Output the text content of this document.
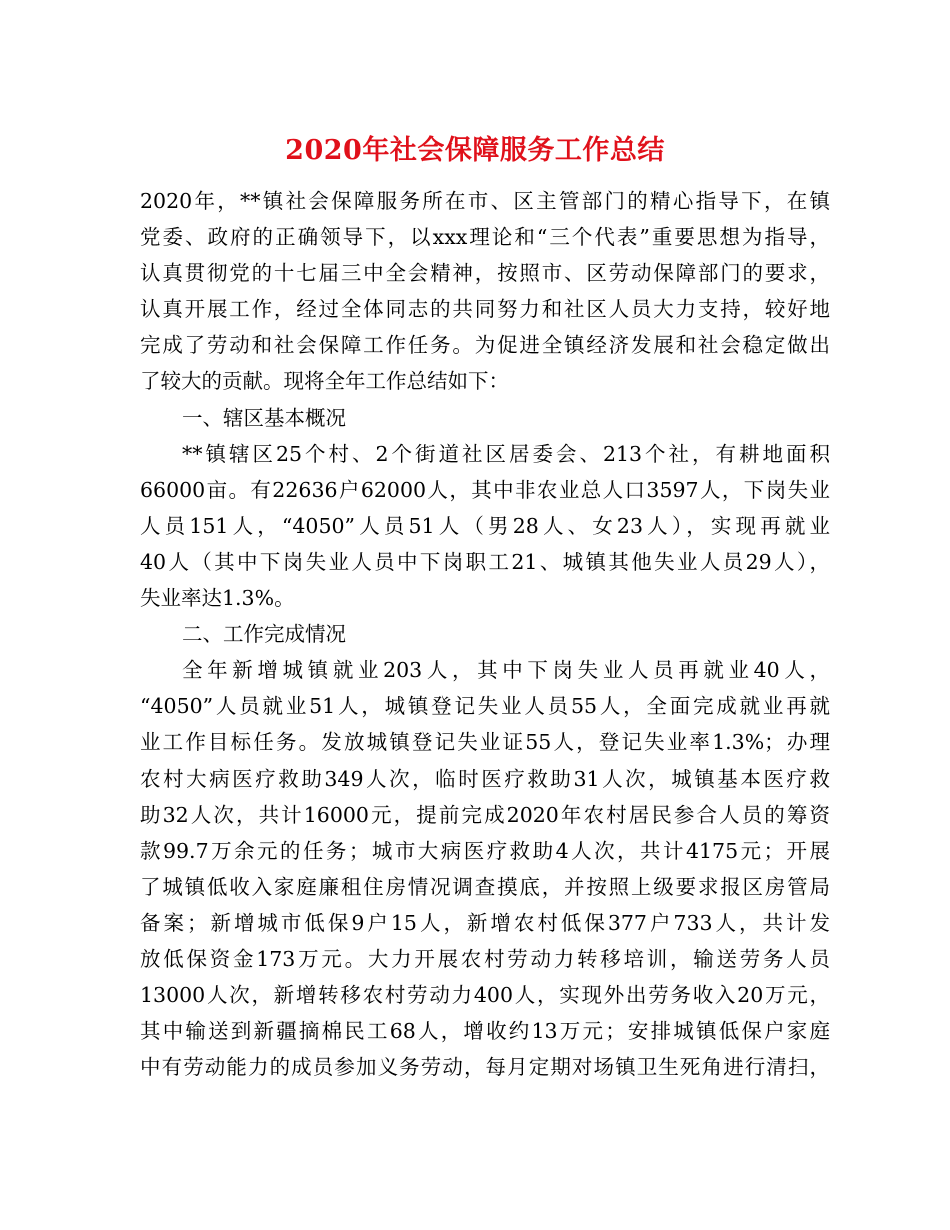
2020年社会保障服务工作总结
2020年，**镇社会保障服务所在市、区主管部门的精心指导下，在镇
党委、政府的正确领导下，以xxx理论和“三个代表”重要思想为指导，
认真贯彻党的十七届三中全会精神，按照市、区劳动保障部门的要求，
认真开展工作，经过全体同志的共同努力和社区人员大力支持，较好地
完成了劳动和社会保障工作任务。为促进全镇经济发展和社会稳定做出
了较大的贡献。现将全年工作总结如下：
一、辖区基本概况
**镇辖区25个村、2个街道社区居委会、213个社，有耕地面积
66000亩。有22636户62000人，其中非农业总人口3597人，下岗失业
人员151人，“4050”人员51人（男28人、女23人），实现再就业
40人（其中下岗失业人员中下岗职工21、城镇其他失业人员29人），
失业率达1.3%。
二、工作完成情况
全年新增城镇就业203人，其中下岗失业人员再就业40人，
“4050”人员就业51人，城镇登记失业人员55人，全面完成就业再就
业工作目标任务。发放城镇登记失业证55人，登记失业率1.3%；办理
农村大病医疗救助349人次，临时医疗救助31人次，城镇基本医疗救
助32人次，共计16000元，提前完成2020年农村居民参合人员的筹资
款99.7万余元的任务；城市大病医疗救助4人次，共计4175元；开展
了城镇低收入家庭廉租住房情况调查摸底，并按照上级要求报区房管局
备案；新增城市低保9户15人，新增农村低保377户733人，共计发
放低保资金173万元。大力开展农村劳动力转移培训，输送劳务人员
13000人次，新增转移农村劳动力400人，实现外出劳务收入20万元，
其中输送到新疆摘棉民工68人，增收约13万元；安排城镇低保户家庭
中有劳动能力的成员参加义务劳动，每月定期对场镇卫生死角进行清扫，
